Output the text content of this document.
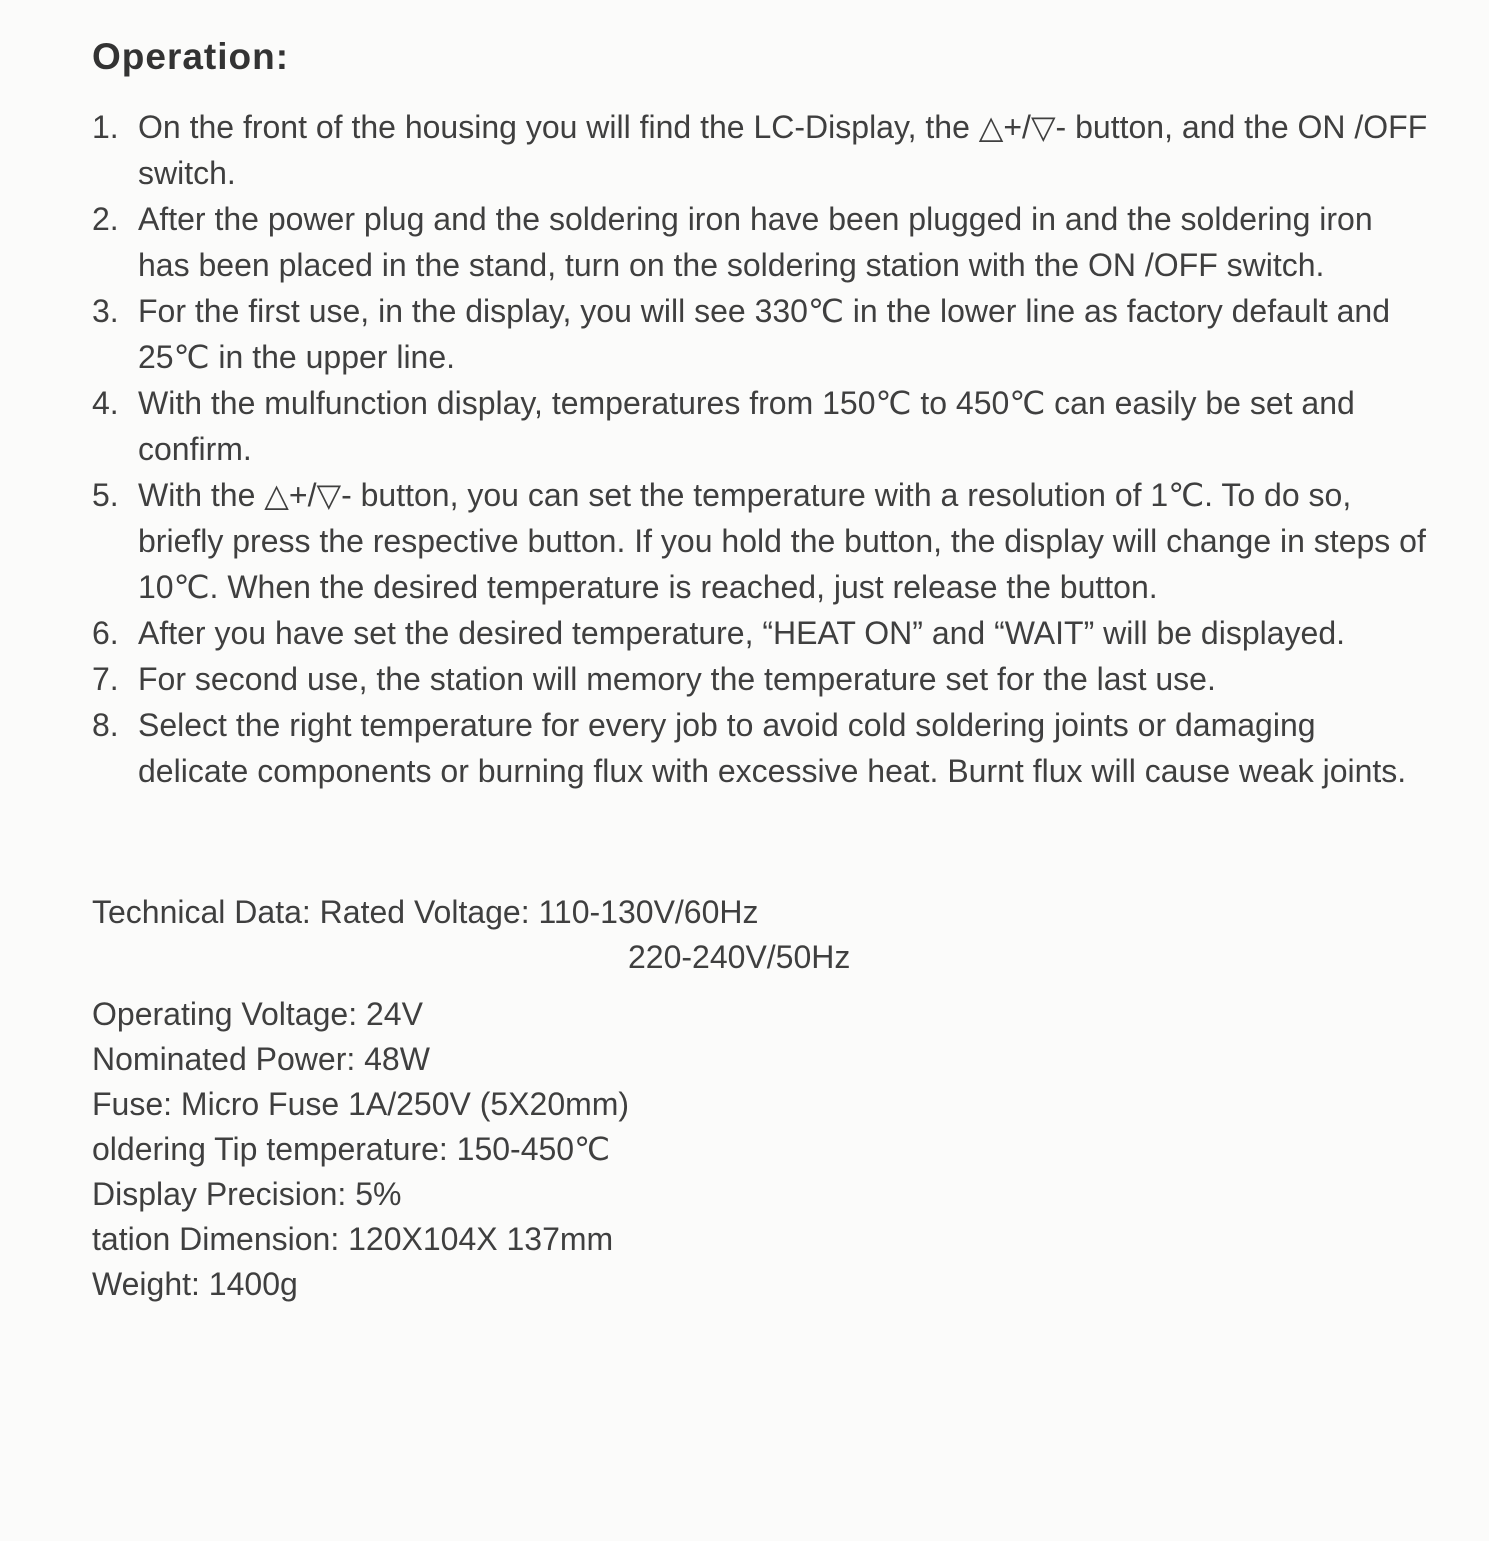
Operation:
1. On the front of the housing you will find the LC-Display, the △+/▽- button, and the ON /OFF switch.
2. After the power plug and the soldering iron have been plugged in and the soldering iron has been placed in the stand, turn on the soldering station with the ON /OFF switch.
3. For the first use, in the display, you will see 330℃ in the lower line as factory default and 25℃ in the upper line.
4. With the mulfunction display, temperatures from 150℃ to 450℃ can easily be set and confirm.
5. With the △+/▽- button, you can set the temperature with a resolution of 1℃. To do so, briefly press the respective button. If you hold the button, the display will change in steps of 10℃. When the desired temperature is reached, just release the button.
6. After you have set the desired temperature, “HEAT ON” and “WAIT” will be displayed.
7. For second use, the station will memory the temperature set for the last use.
8. Select the right temperature for every job to avoid cold soldering joints or damaging delicate components or burning flux with excessive heat. Burnt flux will cause weak joints.
Technical Data: Rated Voltage: 110-130V/60Hz
220-240V/50Hz
Operating Voltage: 24V
Nominated Power: 48W
Fuse: Micro Fuse 1A/250V (5X20mm)
oldering Tip temperature: 150-450℃
Display Precision: 5%
tation Dimension: 120X104X 137mm
Weight: 1400g
